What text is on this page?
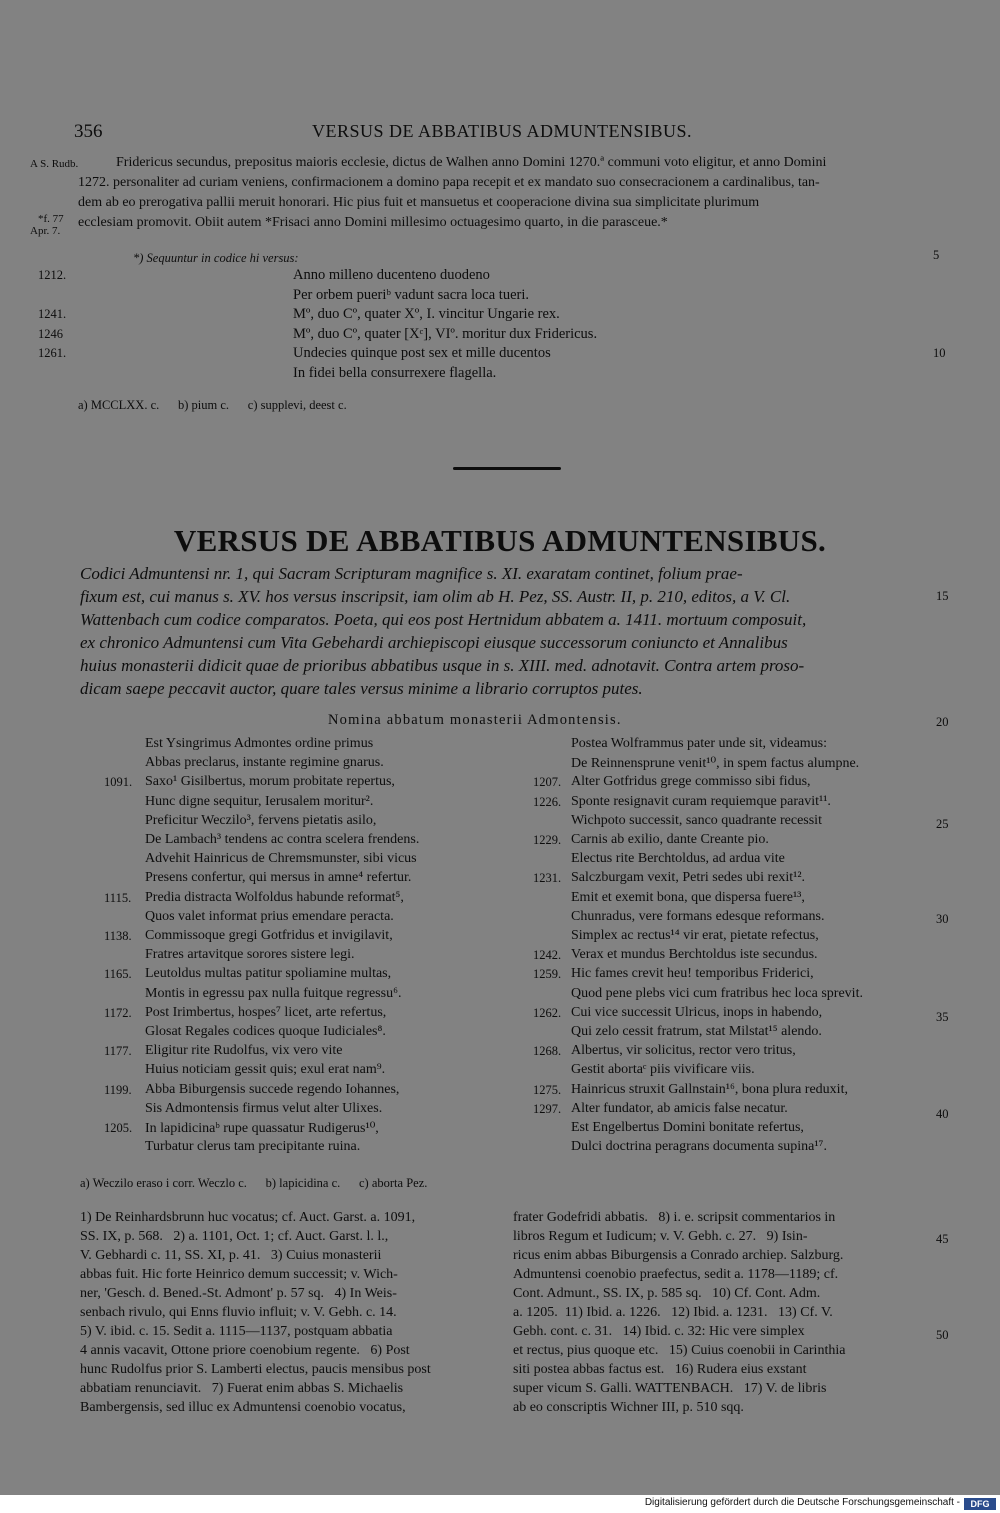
356	VERSUS DE ABBATIBUS ADMUNTENSIBUS.
VERSUS DE ABBATIBUS ADMUNTENSIBUS.
A S. Rudb.
*f. 77
Apr. 7.
Fridericus secundus, prepositus maioris ecclesie, dictus de Walhen anno Domini 1270.ª communi voto eligitur, et anno Domini
1272. personaliter ad curiam veniens, confirmacionem a domino papa recepit et ex mandato suo consecracionem a cardinalibus, tan-
dem ab eo prerogativa pallii meruit honorari. Hic pius fuit et mansuetus et cooperacione divina sua simplicitate plurimum
ecclesiam promovit. Obiit autem *Frisaci anno Domini millesimo octuagesimo quarto, in die parasceue.*
*) Sequuntur in codice hi versus:
1212.	Anno milleno ducenteno duodeno
Per orbem pueriᵇ vadunt sacra loca tueri.
1241.	Mº, duo Cº, quater Xº, I. vincitur Ungarie rex.
1246	Mº, duo Cº, quater [Xᶜ], VIº. moritur dux Fridericus.
1261.	Undecies quinque post sex et mille ducentos
In fidei bella consurrexere flagella.
5
10
a) MCCLXX. c.      b) pium c.      c) supplevi, deest c.
Codici Admuntensi nr. 1, qui Sacram Scripturam magnifice s. XI. exaratam continet, folium prae-
fixum est, cui manus s. XV. hos versus inscripsit, iam olim ab H. Pez, SS. Austr. II, p. 210, editos, a V. Cl.
Wattenbach cum codice comparatos. Poeta, qui eos post Hertnidum abbatem a. 1411. mortuum composuit,
ex chronico Admuntensi cum Vita Gebehardi archiepiscopi eiusque successorum coniuncto et Annalibus
huius monasterii didicit quae de prioribus abbatibus usque in s. XIII. med. adnotavit. Contra artem proso-
dicam saepe peccavit auctor, quare tales versus minime a librario corruptos putes.
15
Nomina abbatum monasterii Admontensis.	20
25
30
35
40
Est Ysingrimus Admontes ordine primus
Abbas preclarus, instante regimine gnarus.
1091. Saxo¹ Gisilbertus, morum probitate repertus,
Hunc digne sequitur, Ierusalem moritur².
Preficitur Weczilo³, fervens pietatis asilo,
De Lambach³ tendens ac contra scelera frendens.
Advehit Hainricus de Chremsmunster, sibi vicus
Presens confertur, qui mersus in amne⁴ refertur.
1115. Predia distracta Wolfoldus habunde reformat⁵,
Quos valet informat prius emendare peracta.
1138. Commissoque gregi Gotfridus et invigilavit,
Fratres artavitque sorores sistere legi.
1165. Leutoldus multas patitur spoliamine multas,
Montis in egressu pax nulla fuitque regressu⁶.
1172. Post Irimbertus, hospes⁷ licet, arte refertus,
Glosat Regales codices quoque Iudiciales⁸.
1177. Eligitur rite Rudolfus, vix vero vite
Huius noticiam gessit quis; exul erat nam⁹.
1199. Abba Biburgensis succede regendo Iohannes,
Sis Admontensis firmus velut alter Ulixes.
1205. In lapidicinaᵇ rupe quassatur Rudigerus¹⁰,
Turbatur clerus tam precipitante ruina.
Postea Wolframmus pater unde sit, videamus:
De Reinnensprune venit¹⁰, in spem factus alumpne.
1207. Alter Gotfridus grege commisso sibi fidus,
1226. Sponte resignavit curam requiemque paravit¹¹.
Wichpoto successit, sanco quadrante recessit
1229. Carnis ab exilio, dante Creante pio.
Electus rite Berchtoldus, ad ardua vite
1231. Salczburgam vexit, Petri sedes ubi rexit¹².
Emit et exemit bona, que dispersa fuere¹³,
Chunradus, vere formans edesque reformans.
Simplex ac rectus¹⁴ vir erat, pietate refectus,
1242. Verax et mundus Berchtoldus iste secundus.
1259. Hic fames crevit heu! temporibus Friderici,
Quod pene plebs vici cum fratribus hec loca sprevit.
1262. Cui vice successit Ulricus, inops in habendo,
Qui zelo cessit fratrum, stat Milstat¹⁵ alendo.
1268. Albertus, vir solicitus, rector vero tritus,
Gestit abortaᶜ piis vivificare viis.
1275. Hainricus struxit Gallnstain¹⁶, bona plura reduxit,
1297. Alter fundator, ab amicis false necatur.
Est Engelbertus Domini bonitate refertus,
Dulci doctrina peragrans documenta supina¹⁷.
a) Weczilo eraso i corr. Weczlo c.      b) lapicidina c.      c) aborta Pez.
1) De Reinhardsbrunn huc vocatus; cf. Auct. Garst. a. 1091,
SS. IX, p. 568.   2) a. 1101, Oct. 1; cf. Auct. Garst. l. l.,
V. Gebhardi c. 11, SS. XI, p. 41.   3) Cuius monasterii
abbas fuit. Hic forte Heinrico demum successit; v. Wich-
ner, 'Gesch. d. Bened.-St. Admont' p. 57 sq.   4) In Weis-
senbach rivulo, qui Enns fluvio influit; v. V. Gebh. c. 14.
5) V. ibid. c. 15. Sedit a. 1115—1137, postquam abbatia
4 annis vacavit, Ottone priore coenobium regente.   6) Post
hunc Rudolfus prior S. Lamberti electus, paucis mensibus post
abbatiam renunciavit.   7) Fuerat enim abbas S. Michaelis
Bambergensis, sed illuc ex Admuntensi coenobio vocatus,
frater Godefridi abbatis.   8) i. e. scripsit commentarios in
libros Regum et Iudicum; v. V. Gebh. c. 27.   9) Isin-
ricus enim abbas Biburgensis a Conrado archiep. Salzburg.
Admuntensi coenobio praefectus, sedit a. 1178—1189; cf.
Cont. Admunt., SS. IX, p. 585 sq.   10) Cf. Cont. Adm.
a. 1205.  11) Ibid. a. 1226.   12) Ibid. a. 1231.   13) Cf. V.
Gebh. cont. c. 31.   14) Ibid. c. 32: Hic vere simplex
et rectus, pius quoque etc.   15) Cuius coenobii in Carinthia
siti postea abbas factus est.   16) Rudera eius exstant
super vicum S. Galli. WATTENBACH.   17) V. de libris
ab eo conscriptis Wichner III, p. 510 sqq.
45
50
Digitalisierung gefördert durch die Deutsche Forschungsgemeinschaft -	DFG
